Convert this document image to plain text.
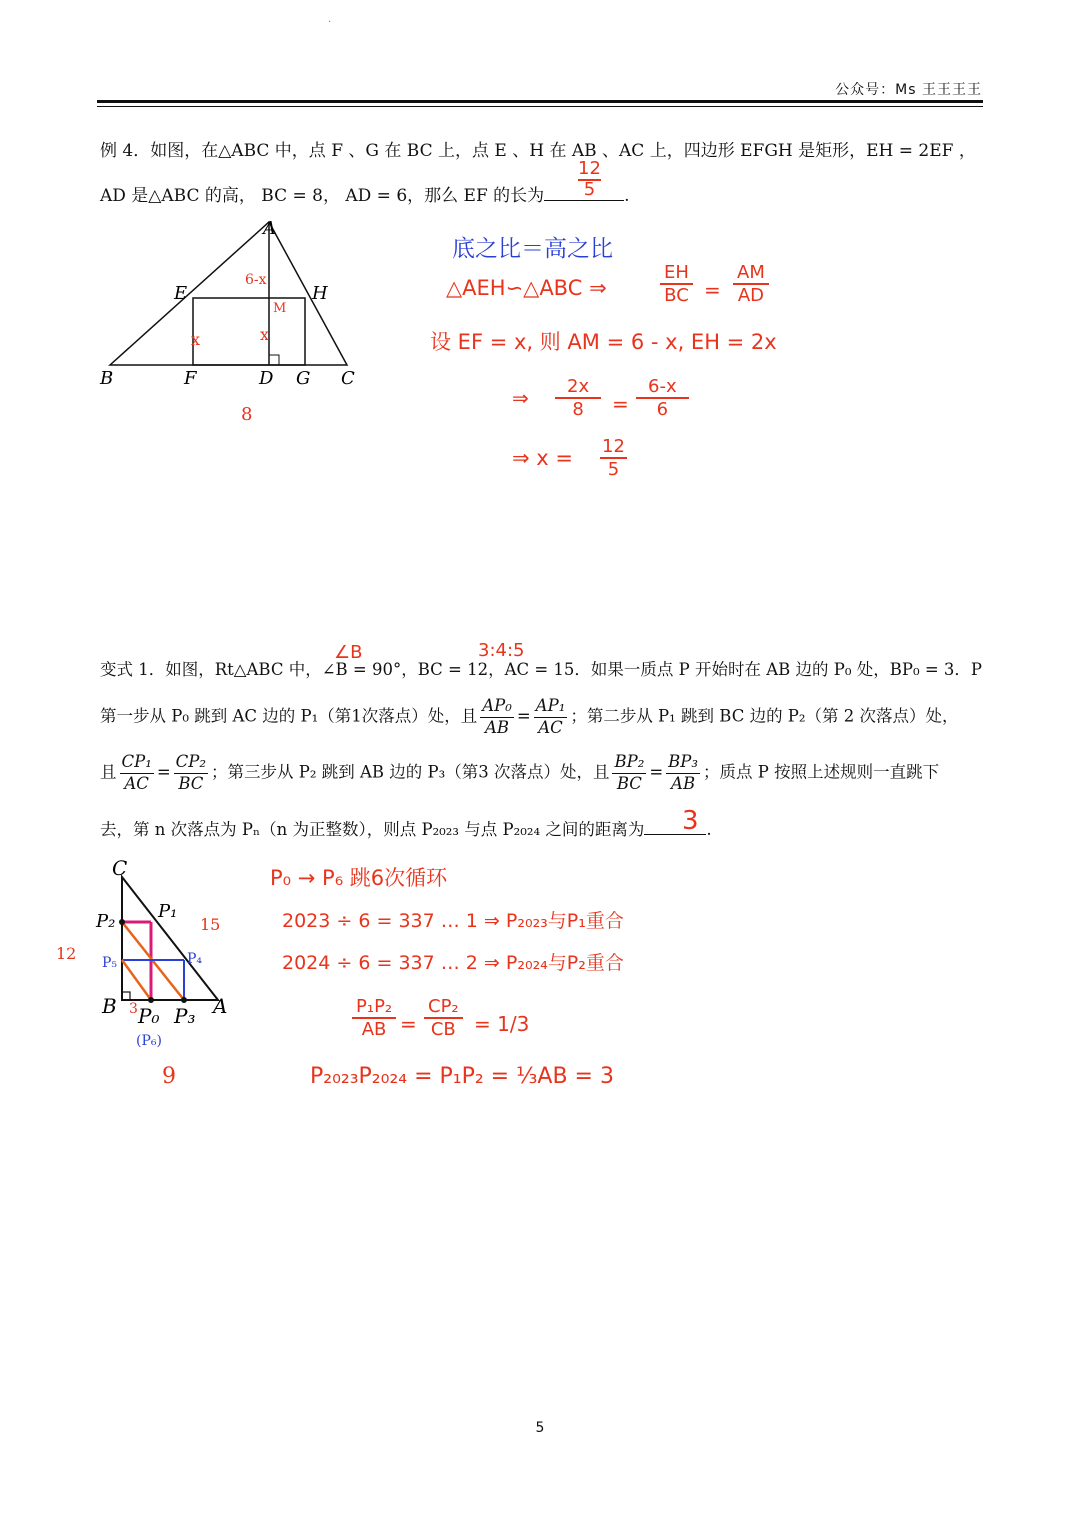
.
公众号：Ms 王王王王
例 4．如图，在△ABC 中，点 F 、G 在 BC 上，点 E 、H 在 AB 、AC 上，四边形 EFGH 是矩形，EH = 2EF ，
AD 是△ABC 的高， BC = 8， AD = 6，那么 EF 的长为	.
$\frac{12}{5}$
A
B	C
D
E
F	G
H
6-x
M
x	x
8
底之比＝高之比
△AEH∽△ABC ⇒	$\frac{EH}{BC} = \frac{AM}{AD}$
设 EF = x, 则 AM = 6 - x, EH = 2x
⇒ $\frac{2x}{8} = \frac{6-x}{6}$
⇒ $x = \frac{12}{5}$
3:4:5
∠B
变式 1．如图，Rt△ABC 中，∠B = 90°，BC = 12，AC = 15．如果一质点 P 开始时在 AB 边的 P₀ 处，BP₀ = 3．P
第一步从 P₀ 跳到 AC 边的 P₁（第1次落点）处，且 $\frac{\text{AP₀}}{AB} = \frac{\text{AP₁}}{AC}$ ；第二步从 P₁ 跳到 BC 边的 P₂（第 2 次落点）处，
且 $\frac{\text{CP₁}}{AC} = \frac{\text{CP₂}}{BC}$ ；第三步从 P₂ 跳到 AB 边的 P₃（第3 次落点）处，且 $\frac{\text{BP₂}}{BC} = \frac{\text{BP₃}}{AB}$ ；质点 P 按照上述规则一直跳下
去，第 n 次落点为 Pₙ（n 为正整数），则点 P₂₀₂₃ 与点 P₂₀₂₄ 之间的距离为	.
3
C
P₂ P₁
B P₀ P₃ A
P₄
P₅
(P₆)
15
12
3
9
P₀ → P₆ 跳6次循环
2023 ÷ 6 = 337 … 1 ⇒ P₂₀₂₃与P₁重合
2024 ÷ 6 = 337 … 2 ⇒ P₂₀₂₄与P₂重合
$\frac{\text{P₁P₂}}{AB} = \frac{\text{CP₂}}{CB} = 1/3$
P₂₀₂₃P₂₀₂₄ = P₁P₂ = ⅓AB = 3
5
